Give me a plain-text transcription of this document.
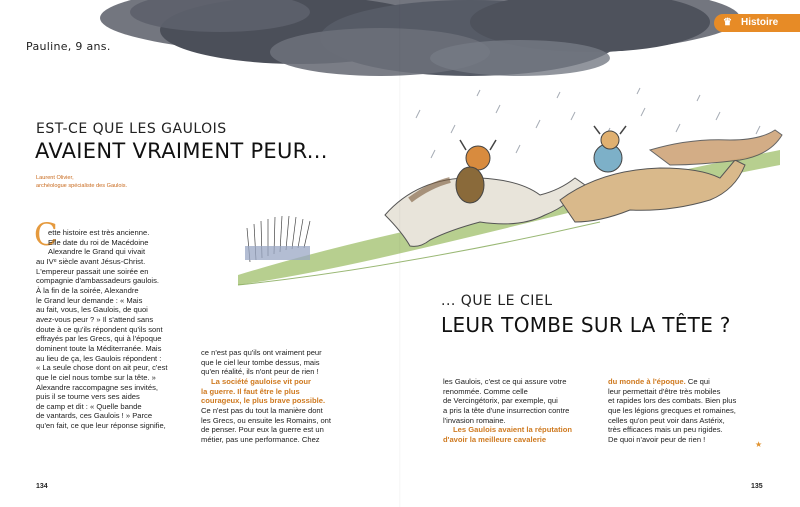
♛ Histoire
Pauline, 9 ans.
EST-CE QUE LES GAULOIS
AVAIENT VRAIMENT PEUR...
Laurent Olivier,
archéologue spécialiste des Gaulois.
C

ette histoire est très ancienne.

Elle date du roi de Macédoine

Alexandre le Grand qui vivait

au IVᵉ siècle avant Jésus-Christ.

L'empereur passait une soirée en

compagnie d'ambassadeurs gaulois.

À la fin de la soirée, Alexandre

le Grand leur demande : « Mais

au fait, vous, les Gaulois, de quoi

avez-vous peur ? » Il s'attend sans

doute à ce qu'ils répondent qu'ils sont

effrayés par les Grecs, qui à l'époque

dominent toute la Méditerranée. Mais

au lieu de ça, les Gaulois répondent :

« La seule chose dont on ait peur, c'est

que le ciel nous tombe sur la tête. »

Alexandre raccompagne ses invités,

puis il se tourne vers ses aides

de camp et dit : « Quelle bande

de vantards, ces Gaulois ! » Parce

qu'en fait, ce que leur réponse signifie,

ce n'est pas qu'ils ont vraiment peur

que le ciel leur tombe dessus, mais

qu'en réalité, ils n'ont peur de rien !

La société gauloise vit pour

la guerre. Il faut être le plus

courageux, le plus brave possible.

Ce n'est pas du tout la manière dont

les Grecs, ou ensuite les Romains, ont

de penser. Pour eux la guerre est un

métier, pas une performance. Chez

... QUE LE CIEL
LEUR TOMBE SUR LA TÊTE ?

les Gaulois, c'est ce qui assure votre

renommée. Comme celle

de Vercingétorix, par exemple, qui

a pris la tête d'une insurrection contre

l'invasion romaine.

Les Gaulois avaient la réputation

d'avoir la meilleure cavalerie

du monde à l'époque. Ce qui

leur permettait d'être très mobiles

et rapides lors des combats. Bien plus

que les légions grecques et romaines,

celles qu'on peut voir dans Astérix,

très efficaces mais un peu rigides.

De quoi n'avoir peur de rien !

★
134	135
